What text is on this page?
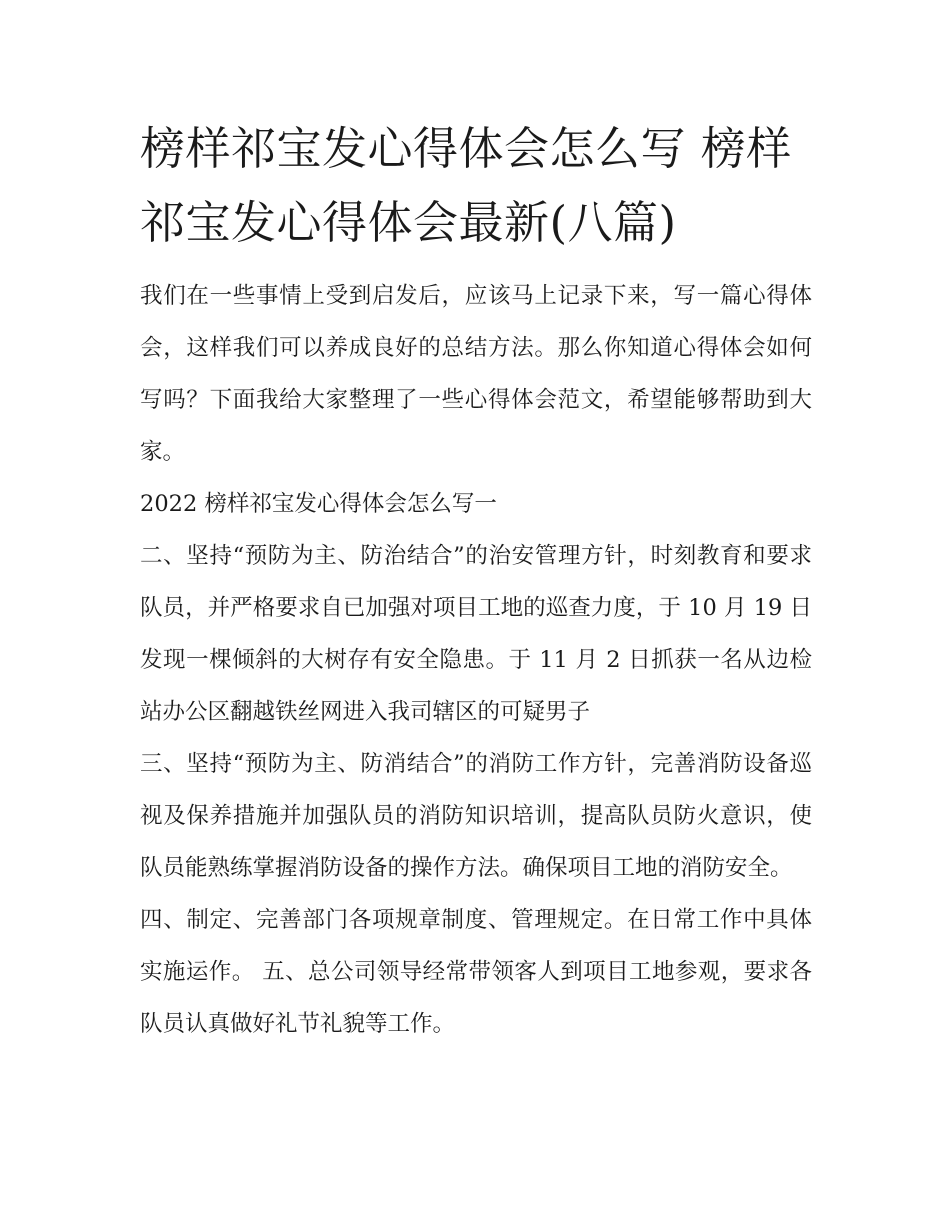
榜样祁宝发心得体会怎么写 榜样祁宝发心得体会最新(八篇)

我们在一些事情上受到启发后，应该马上记录下来，写一篇心得体会，这样我们可以养成良好的总结方法。那么你知道心得体会如何写吗？下面我给大家整理了一些心得体会范文，希望能够帮助到大家。

2022 榜样祁宝发心得体会怎么写一

二、坚持“预防为主、防治结合”的治安管理方针，时刻教育和要求队员，并严格要求自已加强对项目工地的巡查力度，于 10 月 19 日发现一棵倾斜的大树存有安全隐患。于 11 月 2 日抓获一名从边检站办公区翻越铁丝网进入我司辖区的可疑男子

三、坚持“预防为主、防消结合”的消防工作方针，完善消防设备巡视及保养措施并加强队员的消防知识培训，提高队员防火意识，使队员能熟练掌握消防设备的操作方法。确保项目工地的消防安全。

四、制定、完善部门各项规章制度、管理规定。在日常工作中具体实施运作。 五、总公司领导经常带领客人到项目工地参观，要求各队员认真做好礼节礼貌等工作。
